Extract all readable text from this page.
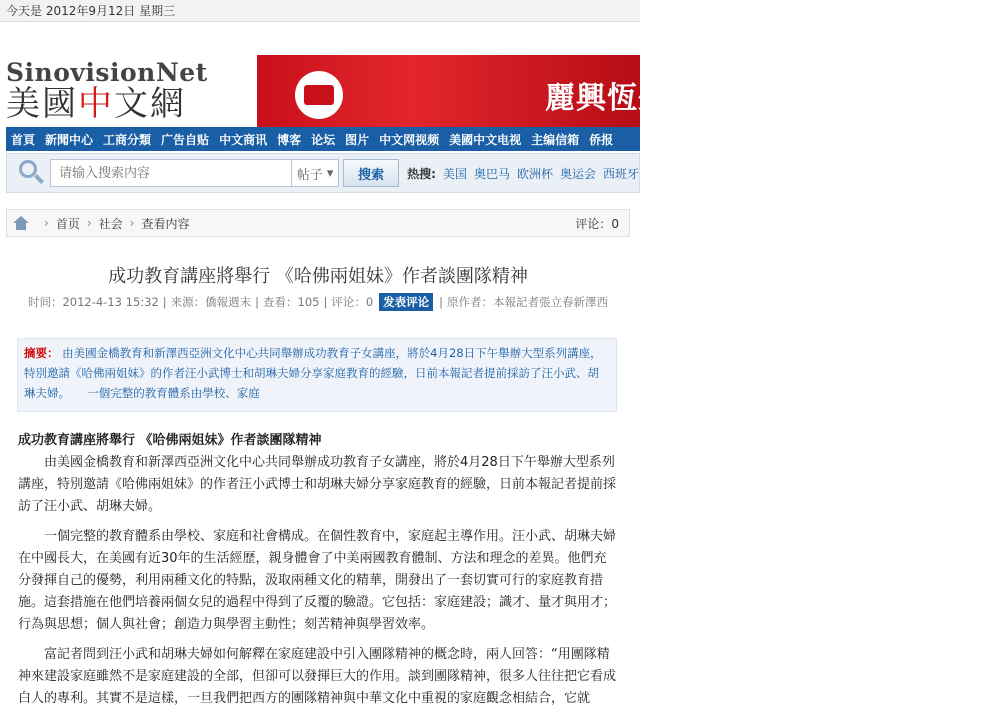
今天是 2012年9月12日 星期三
SinovisionNet
美國中文網	麗興恆生集團　 優
首頁 新聞中心 工商分類 广告自贴 中文商讯 博客 论坛 图片 中文网视频 美國中文电视 主编信箱 侨报
请输入搜索内容
帖子 ▾	搜索	热搜: 美国 奥巴马 欧洲杯 奥运会 西班牙
› 首页 › 社会 › 查看内容	评论：0
成功教育講座將舉行 《哈佛兩姐妹》作者談團隊精神
时间：2012-4-13 15:32 | 来源：僑報週末 | 查看：105 | 评论：0 发表评论 | 原作者：本報記者張立春新澤西
摘要： 由美國金橋教育和新澤西亞洲文化中心共同舉辦成功教育子女講座，將於4月28日下午舉辦大型系列講座，特別邀請《哈佛兩姐妹》的作者汪小武博士和胡琳夫婦分享家庭教育的經驗，日前本報記者提前採訪了汪小武、胡琳夫婦。　　一個完整的教育體系由學校、家庭
成功教育講座將舉行 《哈佛兩姐妹》作者談團隊精神

由美國金橋教育和新澤西亞洲文化中心共同舉辦成功教育子女講座，將於4月28日下午舉辦大型系列講座，特別邀請《哈佛兩姐妹》的作者汪小武博士和胡琳夫婦分享家庭教育的經驗，日前本報記者提前採訪了汪小武、胡琳夫婦。

一個完整的教育體系由學校、家庭和社會構成。在個性教育中，家庭起主導作用。汪小武、胡琳夫婦在中國長大，在美國有近30年的生活經歷，親身體會了中美兩國教育體制、方法和理念的差異。他們充分發揮自己的優勢，利用兩種文化的特點，汲取兩種文化的精華，開發出了一套切實可行的家庭教育措施。這套措施在他們培養兩個女兒的過程中得到了反覆的驗證。它包括：家庭建設；識才、量才與用才；行為與思想；個人與社會；創造力與學習主動性；刻苦精神與學習效率。

富記者問到汪小武和胡琳夫婦如何解釋在家庭建設中引入團隊精神的概念時，兩人回答：“用團隊精神來建設家庭雖然不是家庭建設的全部，但卻可以發揮巨大的作用。談到團隊精神，很多人往往把它看成白人的專利。其實不是這樣，一旦我們把西方的團隊精神與中華文化中重視的家庭觀念相結合，它就
